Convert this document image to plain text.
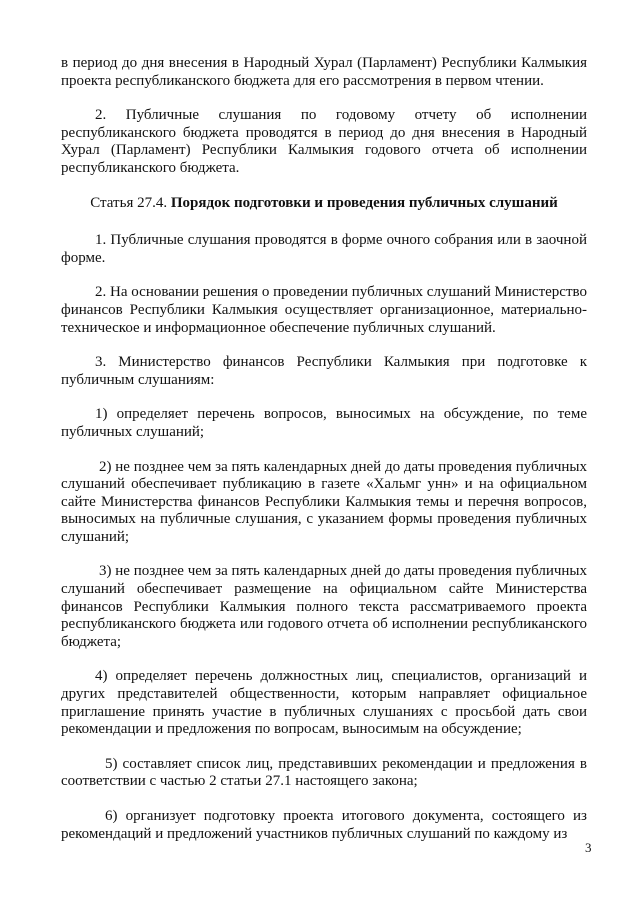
в период до дня внесения в Народный Хурал (Парламент) Республики Калмыкия проекта республиканского бюджета для его рассмотрения в первом чтении.

2. Публичные слушания по годовому отчету об исполнении республиканского бюджета проводятся в период до дня внесения в Народный Хурал (Парламент) Республики Калмыкия годового отчета об исполнении республиканского бюджета.

Статья 27.4. Порядок подготовки и проведения публичных слушаний

1. Публичные слушания проводятся в форме очного собрания или в заочной форме.

2. На основании решения о проведении публичных слушаний Министерство финансов Республики Калмыкия осуществляет организационное, материально-техническое и информационное обеспечение публичных слушаний.

3. Министерство финансов Республики Калмыкия при подготовке к публичным слушаниям:

1) определяет перечень вопросов, выносимых на обсуждение, по теме публичных слушаний;

2) не позднее чем за пять календарных дней до даты проведения публичных слушаний обеспечивает публикацию в газете «Хальмг унн» и на официальном сайте Министерства финансов Республики Калмыкия темы и перечня вопросов, выносимых на публичные слушания, с указанием формы проведения публичных слушаний;

3) не позднее чем за пять календарных дней до даты проведения публичных слушаний обеспечивает размещение на официальном сайте Министерства финансов Республики Калмыкия полного текста рассматриваемого проекта республиканского бюджета или годового отчета об исполнении республиканского бюджета;

4) определяет перечень должностных лиц, специалистов, организаций и других представителей общественности, которым направляет официальное приглашение принять участие в публичных слушаниях с просьбой дать свои рекомендации и предложения по вопросам, выносимым на обсуждение;

5) составляет список лиц, представивших рекомендации и предложения в соответствии с частью 2 статьи 27.1 настоящего закона;

6) организует подготовку проекта итогового документа, состоящего из рекомендаций и предложений участников публичных слушаний по каждому из

3
